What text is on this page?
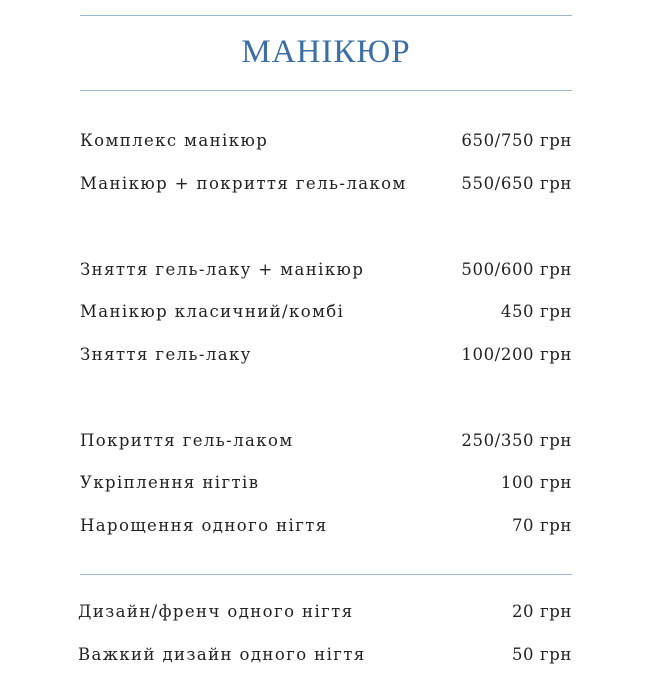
МАНІКЮР
Комплекс манікюр	650/750 грн
Манікюр + покриття гель-лаком	550/650 грн
Зняття гель-лаку + манікюр	500/600 грн
Манікюр класичний/комбі	450 грн
Зняття гель-лаку	100/200 грн
Покриття гель-лаком	250/350 грн
Укріплення нігтів	100 грн
Нарощення одного нігтя	70 грн
Дизайн/френч одного нігтя	20 грн
Важкий дизайн одного нігтя	50 грн
